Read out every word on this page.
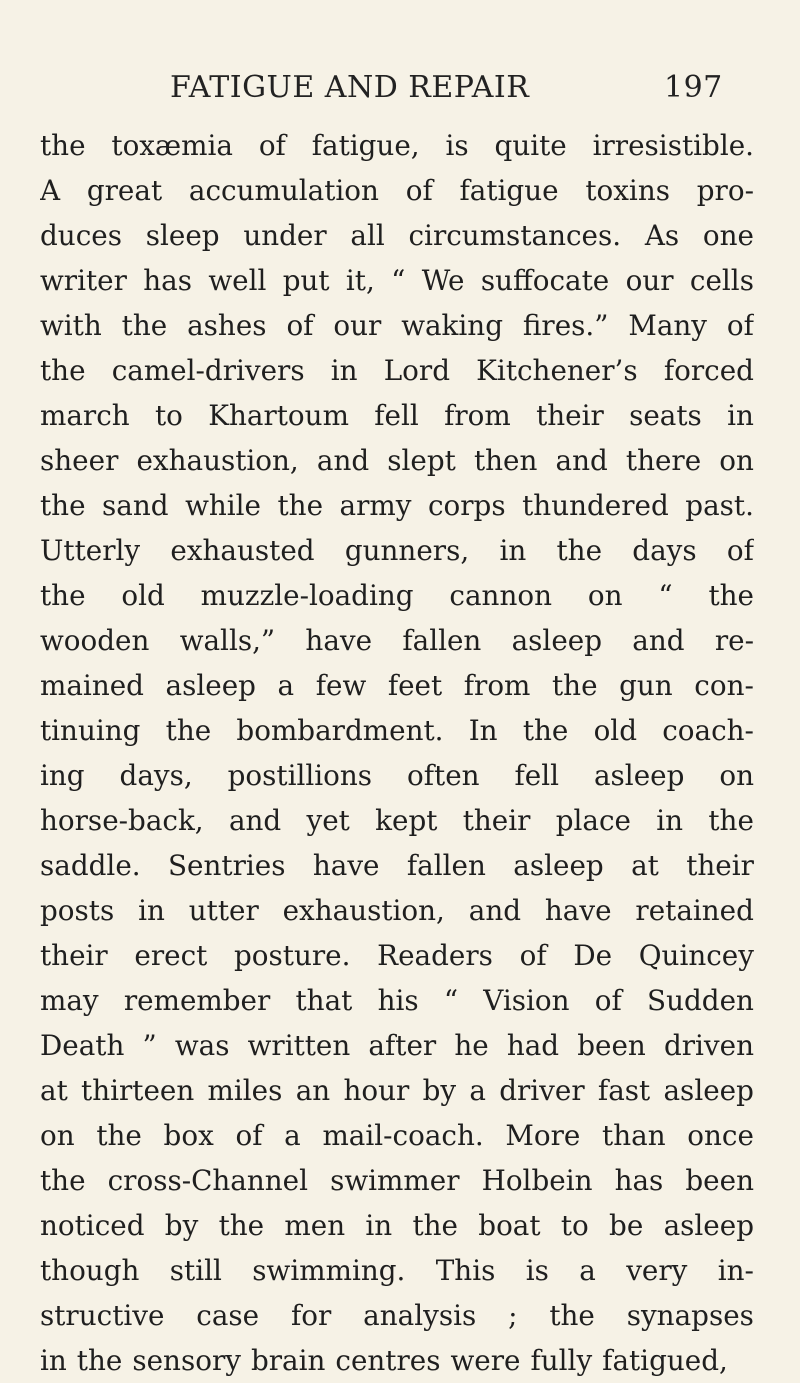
FATIGUE AND REPAIR	197
the toxæmia of fatigue, is quite irresistible.
A great accumulation of fatigue toxins pro-
duces sleep under all circumstances. As one
writer has well put it, “ We suffocate our cells
with the ashes of our waking fires.” Many of
the camel-drivers in Lord Kitchener’s forced
march to Khartoum fell from their seats in
sheer exhaustion, and slept then and there on
the sand while the army corps thundered past.
Utterly exhausted gunners, in the days of
the old muzzle-loading cannon on “ the
wooden walls,” have fallen asleep and re-
mained asleep a few feet from the gun con-
tinuing the bombardment. In the old coach-
ing days, postillions often fell asleep on
horse-back, and yet kept their place in the
saddle. Sentries have fallen asleep at their
posts in utter exhaustion, and have retained
their erect posture. Readers of De Quincey
may remember that his “ Vision of Sudden
Death ” was written after he had been driven
at thirteen miles an hour by a driver fast asleep
on the box of a mail-coach. More than once
the cross-Channel swimmer Holbein has been
noticed by the men in the boat to be asleep
though still swimming. This is a very in-
structive case for analysis ; the synapses
in the sensory brain centres were fully fatigued,
